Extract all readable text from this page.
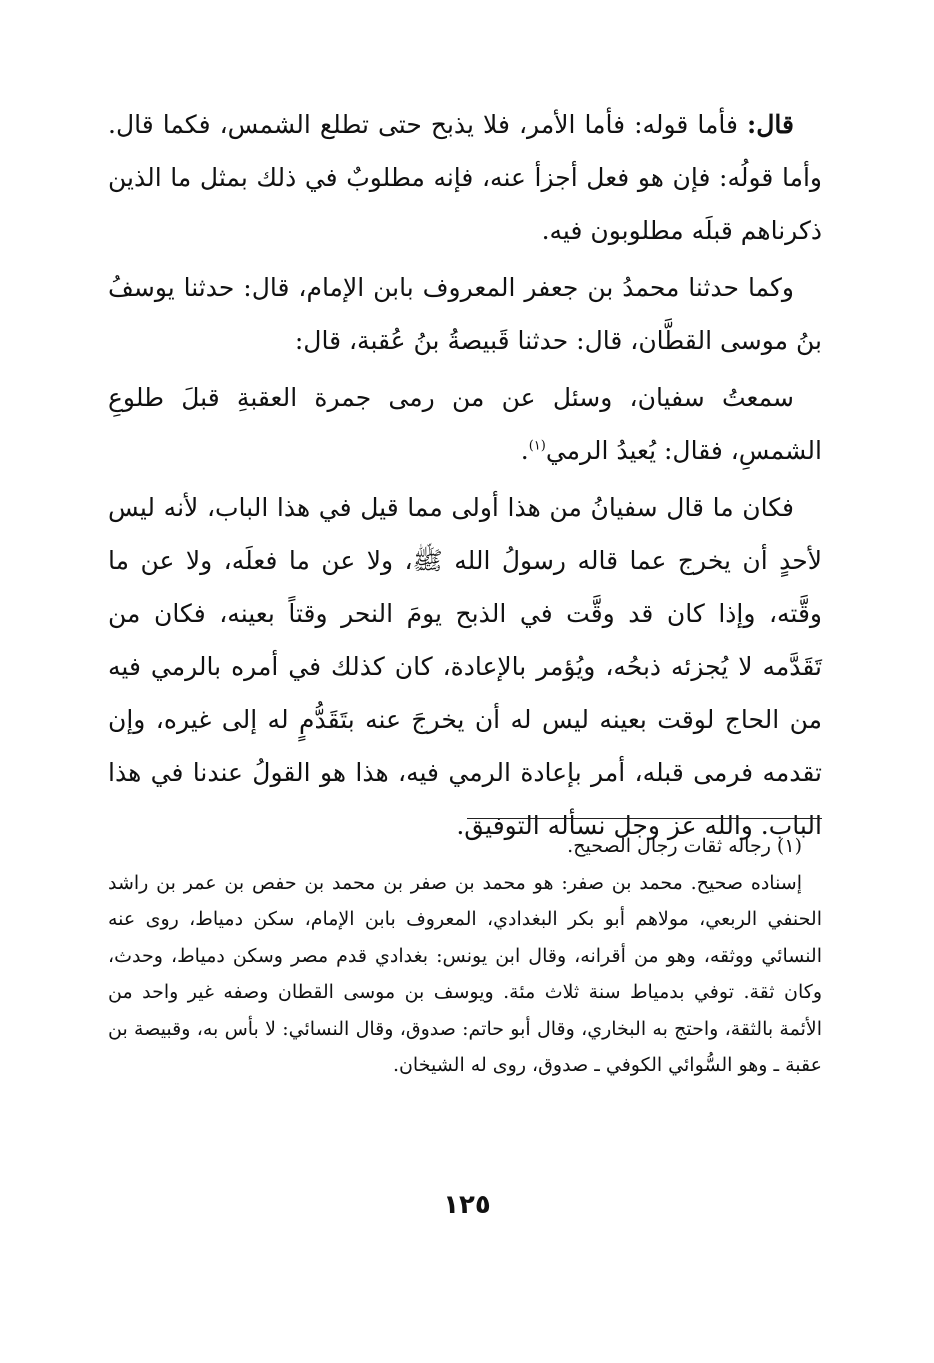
قال: فأما قوله: فأما الأمر، فلا يذبح حتى تطلع الشمس، فكما قال. وأما قولُه: فإن هو فعل أجزأ عنه، فإنه مطلوبٌ في ذلك بمثل ما الذين ذكرناهم قبلَه مطلوبون فيه.

وكما حدثنا محمدُ بن جعفر المعروف بابن الإمام، قال: حدثنا يوسفُ بنُ موسى القطَّان، قال: حدثنا قَبيصةُ بنُ عُقبة، قال:

سمعتُ سفيان، وسئل عن من رمى جمرة العقبةِ قبلَ طلوعِ الشمسِ، فقال: يُعيدُ الرمي$^{(١)}$.

فكان ما قال سفيانُ من هذا أولى مما قيل في هذا الباب، لأنه ليس لأحدٍ أن يخرج عما قاله رسولُ الله ﷺ، ولا عن ما فعلَه، ولا عن ما وقَّته، وإذا كان قد وقَّت في الذبح يومَ النحر وقتاً بعينه، فكان من تَقَدَّمه لا يُجزئه ذبحُه، ويُؤمر بالإعادة، كان كذلك في أمره بالرمي فيه من الحاج لوقت بعينه ليس له أن يخرجَ عنه بتَقَدُّمٍ له إلى غيره، وإن تقدمه فرمى قبله، أمر بإعادة الرمي فيه، هذا هو القولُ عندنا في هذا الباب. والله عز وجل نسأله التوفيق.

(١) رجاله ثقات رجال الصحيح.

إسناده صحيح. محمد بن صفر: هو محمد بن صفر بن محمد بن حفص بن عمر بن راشد الحنفي الربعي، مولاهم أبو بكر البغدادي، المعروف بابن الإمام، سكن دمياط، روى عنه النسائي ووثقه، وهو من أقرانه، وقال ابن يونس: بغدادي قدم مصر وسكن دمياط، وحدث، وكان ثقة. توفي بدمياط سنة ثلاث مئة. ويوسف بن موسى القطان وصفه غير واحد من الأئمة بالثقة، واحتج به البخاري، وقال أبو حاتم: صدوق، وقال النسائي: لا بأس به، وقبيصة بن عقبة ـ وهو السُّوائي الكوفي ـ صدوق، روى له الشيخان.

١٢٥
